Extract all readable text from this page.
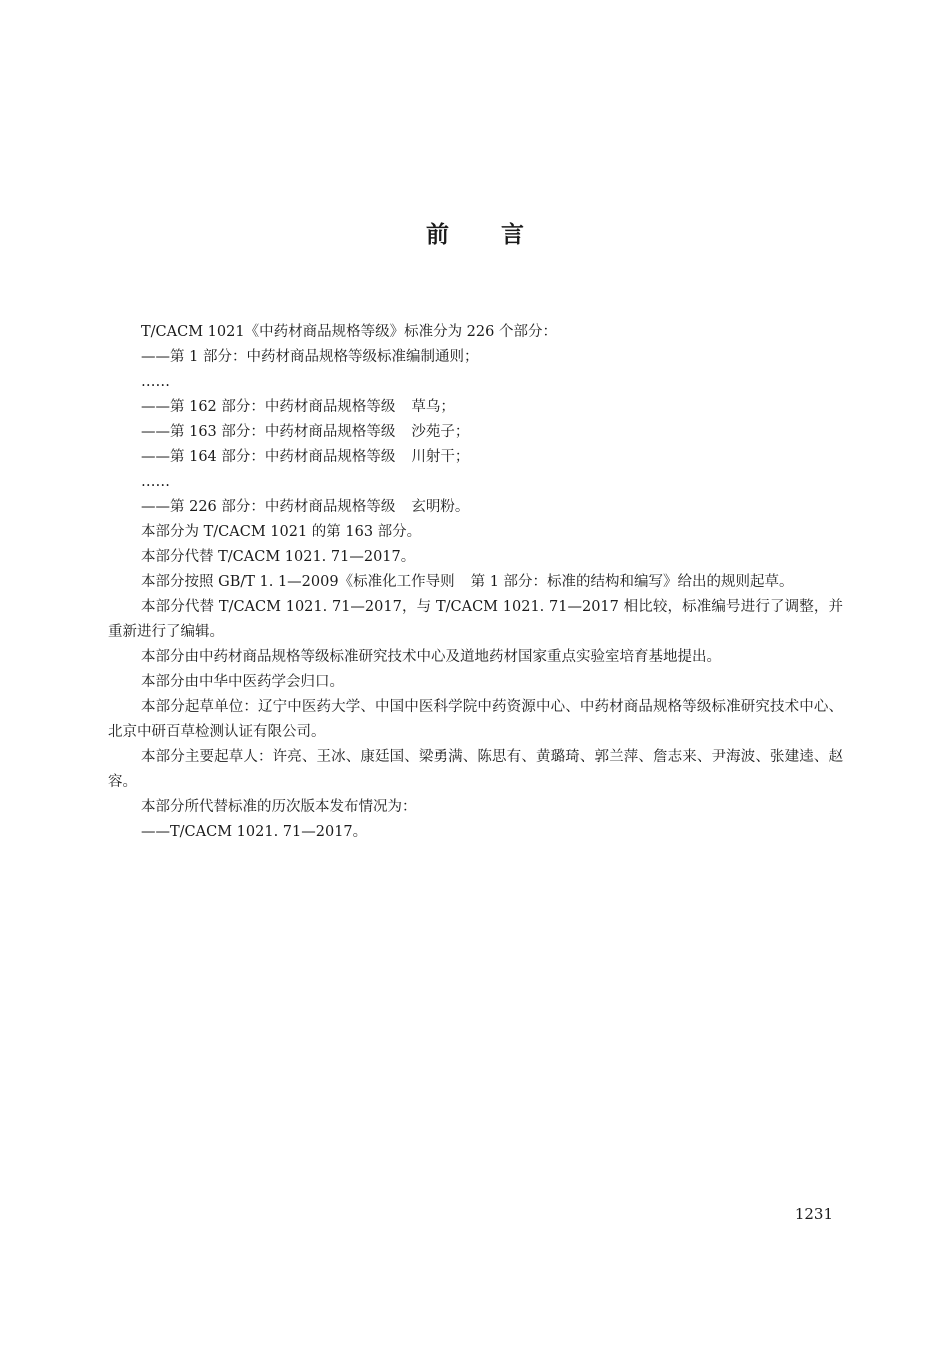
前 言

T/CACM 1021《中药材商品规格等级》标准分为 226 个部分：

——第 1 部分：中药材商品规格等级标准编制通则；

……

——第 162 部分：中药材商品规格等级 草乌；

——第 163 部分：中药材商品规格等级 沙苑子；

——第 164 部分：中药材商品规格等级 川射干；

……

——第 226 部分：中药材商品规格等级 玄明粉。

本部分为 T/CACM 1021 的第 163 部分。

本部分代替 T/CACM 1021. 71—2017。

本部分按照 GB/T 1. 1—2009《标准化工作导则 第 1 部分：标准的结构和编写》给出的规则起草。

本部分代替 T/CACM 1021. 71—2017，与 T/CACM 1021. 71—2017 相比较，标准编号进行了调整，并重新进行了编辑。

本部分由中药材商品规格等级标准研究技术中心及道地药材国家重点实验室培育基地提出。

本部分由中华中医药学会归口。

本部分起草单位：辽宁中医药大学、中国中医科学院中药资源中心、中药材商品规格等级标准研究技术中心、北京中研百草检测认证有限公司。

本部分主要起草人：许亮、王冰、康廷国、梁勇满、陈思有、黄璐琦、郭兰萍、詹志来、尹海波、张建逵、赵容。

本部分所代替标准的历次版本发布情况为：

——T/CACM 1021. 71—2017。

1231
